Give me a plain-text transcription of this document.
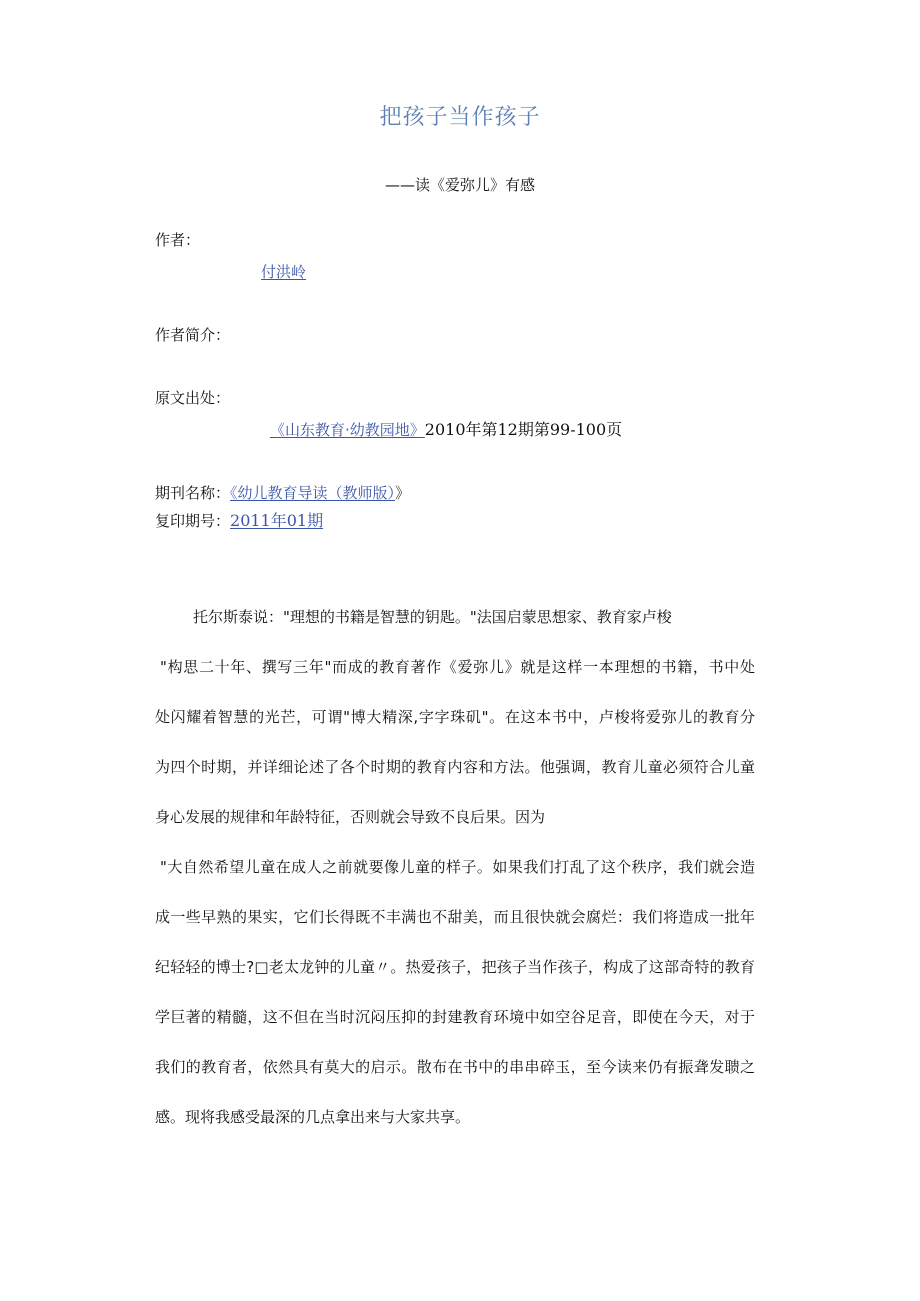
把孩子当作孩子
——读《爱弥儿》有感
作者：
付洪岭
作者简介：
原文出处：
《山东教育·幼教园地》2010年第12期第99-100页
期刊名称：《幼儿教育导读（教师版）》
复印期号：2011年01期
托尔斯泰说："理想的书籍是智慧的钥匙。"法国启蒙思想家、教育家卢梭
"构思二十年、撰写三年"而成的教育著作《爱弥儿》就是这样一本理想的书籍，书中处
处闪耀着智慧的光芒，可谓"博大精深,字字珠矶"。在这本书中，卢梭将爱弥儿的教育分
为四个时期，并详细论述了各个时期的教育内容和方法。他强调，教育儿童必须符合儿童
身心发展的规律和年龄特征，否则就会导致不良后果。因为
"大自然希望儿童在成人之前就要像儿童的样子。如果我们打乱了这个秩序，我们就会造
成一些早熟的果实，它们长得既不丰满也不甜美，而且很快就会腐烂：我们将造成一批年
纪轻轻的博士?□老太龙钟的儿童〃。热爱孩子，把孩子当作孩子，构成了这部奇特的教育
学巨著的精髓，这不但在当时沉闷压抑的封建教育环境中如空谷足音，即使在今天，对于
我们的教育者，依然具有莫大的启示。散布在书中的串串碎玉，至今读来仍有振聋发聩之
感。现将我感受最深的几点拿出来与大家共享。
